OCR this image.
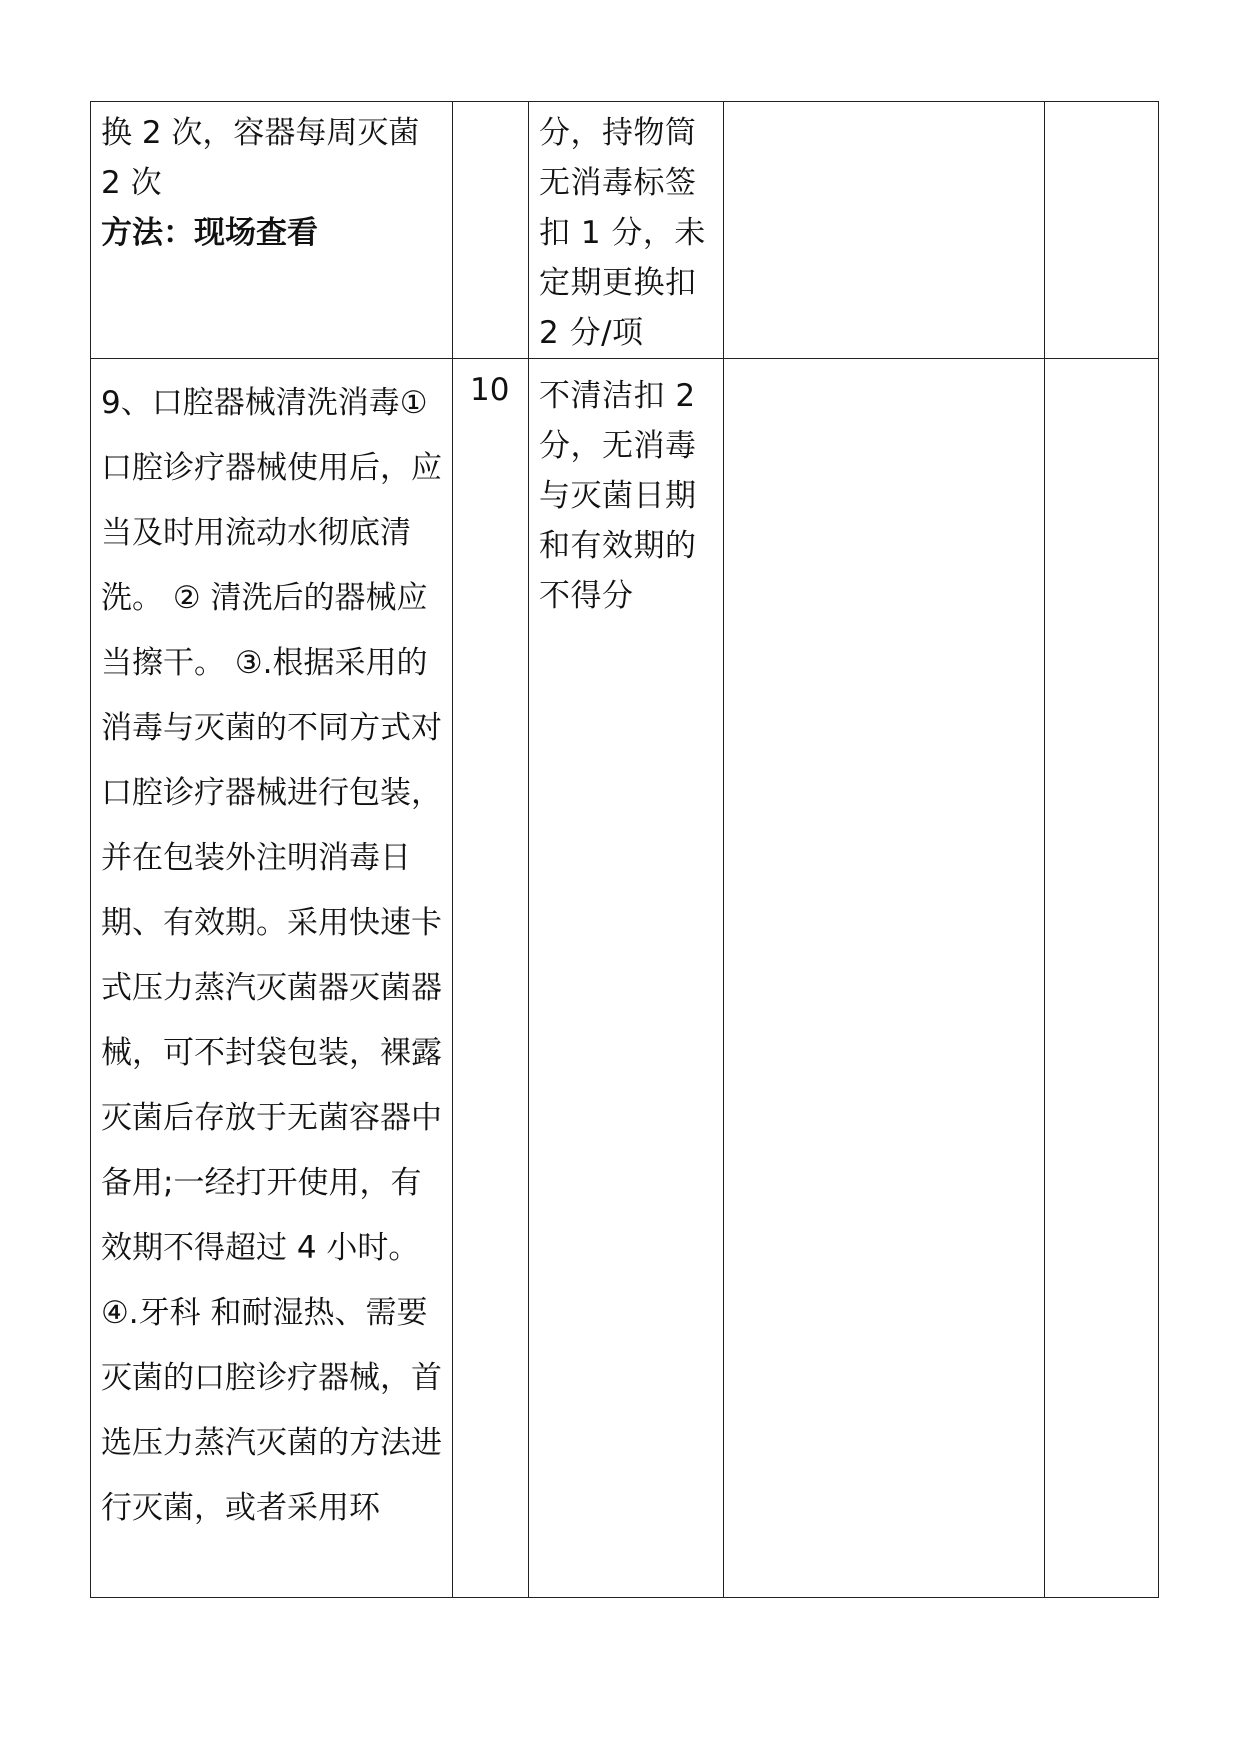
换 2 次，容器每周灭菌 2 次
方法：现场查看		分，持物筒无消毒标签扣 1 分，未定期更换扣 2 分/项		

9、口腔器械清洗消毒①口腔诊疗器械使用后，应当及时用流动水彻底清洗。 ② 清洗后的器械应当擦干。 ③.根据采用的消毒与灭菌的不同方式对口腔诊疗器械进行包装，并在包装外注明消毒日期、有效期。采用快速卡式压力蒸汽灭菌器灭菌器械，可不封袋包装，裸露灭菌后存放于无菌容器中备用;一经打开使用，有效期不得超过 4 小时。④.牙科 和耐湿热、需要灭菌的口腔诊疗器械，首选压力蒸汽灭菌的方法进行灭菌，或者采用环	10	不清洁扣 2 分，无消毒与灭菌日期和有效期的不得分		
